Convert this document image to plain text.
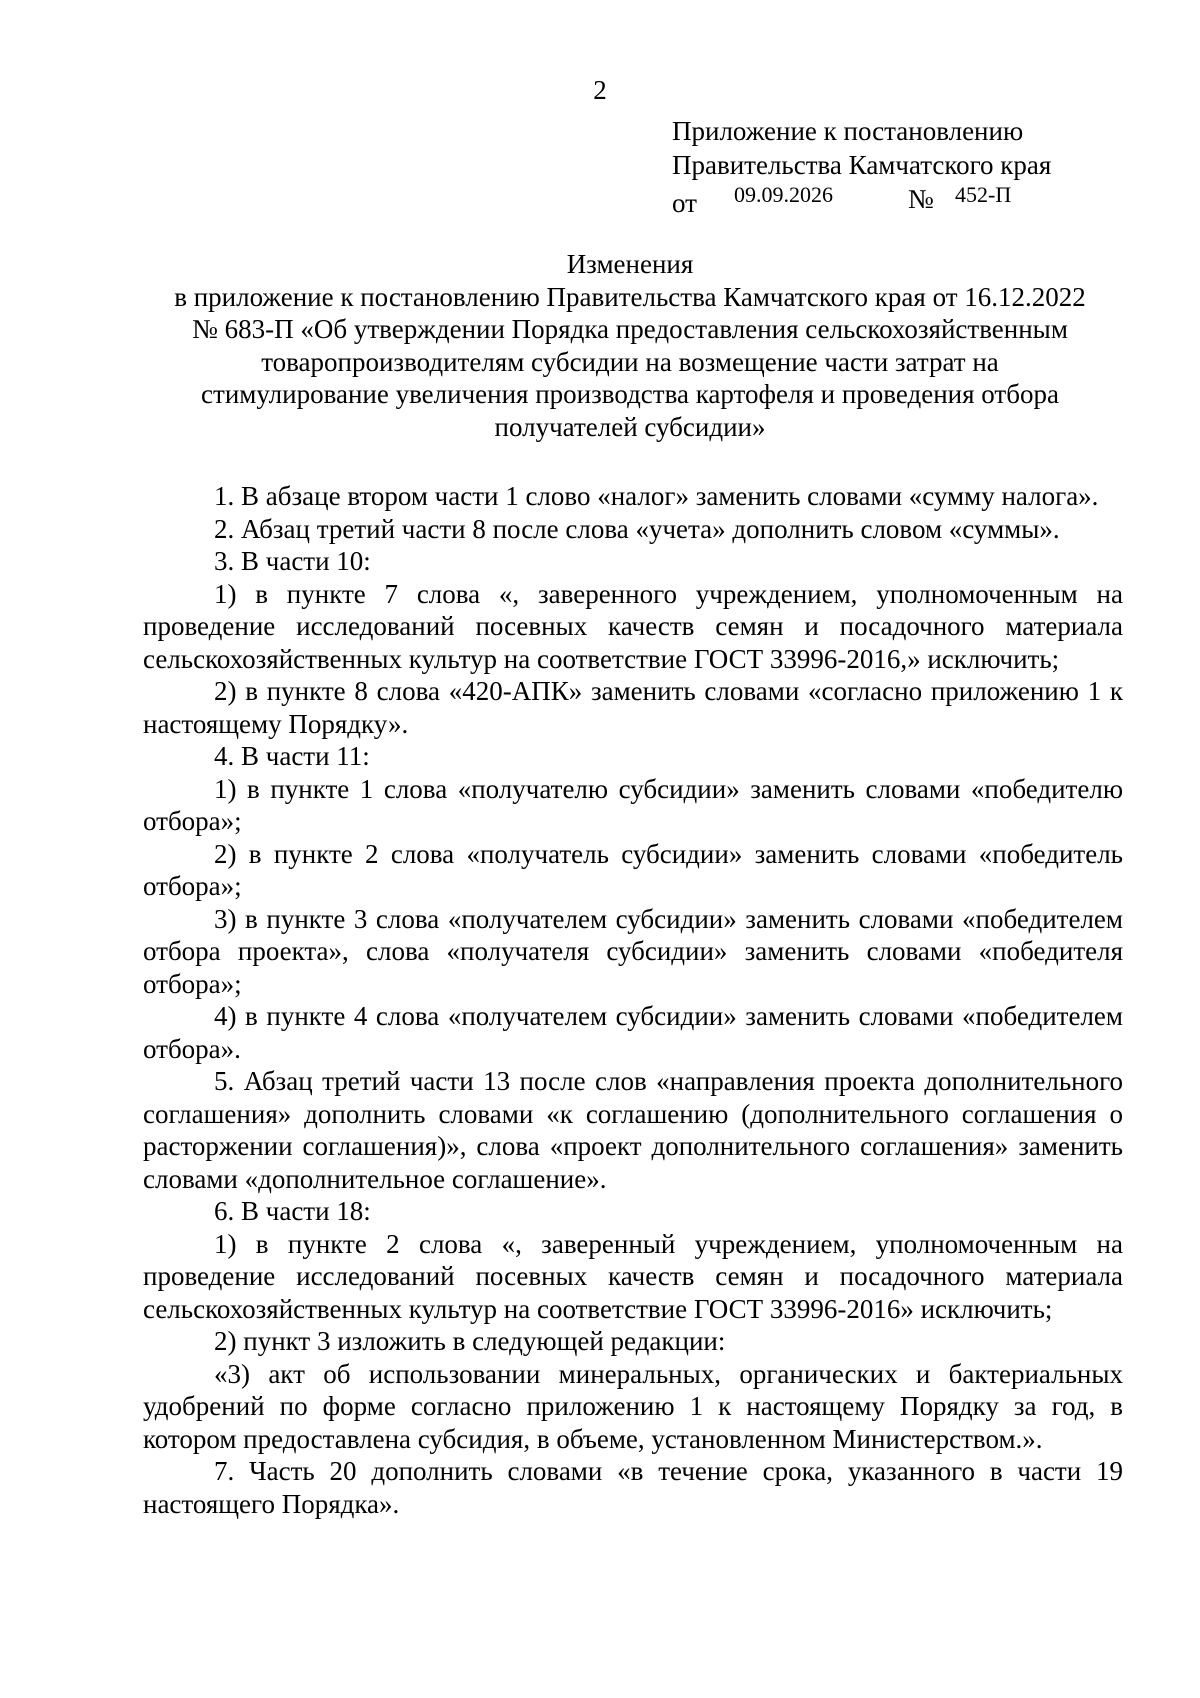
2
Приложение к постановлению
Правительства Камчатского края
от 09.09.2026	№ 452-П
Изменения
в приложение к постановлению Правительства Камчатского края от 16.12.2022
№ 683-П «Об утверждении Порядка предоставления сельскохозяйственным
товаропроизводителям субсидии на возмещение части затрат на
стимулирование увеличения производства картофеля и проведения отбора
получателей субсидии»

1. В абзаце втором части 1 слово «налог» заменить словами «сумму налога».

2. Абзац третий части 8 после слова «учета» дополнить словом «суммы».

3. В части 10:

1) в пункте 7 слова «, заверенного учреждением, уполномоченным на проведение исследований посевных качеств семян и посадочного материала сельскохозяйственных культур на соответствие ГОСТ 33996-2016,» исключить;

2) в пункте 8 слова «420-АПК» заменить словами «согласно приложению 1 к настоящему Порядку».

4. В части 11:

1) в пункте 1 слова «получателю субсидии» заменить словами «победителю отбора»;

2) в пункте 2 слова «получатель субсидии» заменить словами «победитель отбора»;

3) в пункте 3 слова «получателем субсидии» заменить словами «победителем отбора проекта», слова «получателя субсидии» заменить словами «победителя отбора»;

4) в пункте 4 слова «получателем субсидии» заменить словами «победителем отбора».

5. Абзац третий части 13 после слов «направления проекта дополнительного соглашения» дополнить словами «к соглашению (дополнительного соглашения о расторжении соглашения)», слова «проект дополнительного соглашения» заменить словами «дополнительное соглашение».

6. В части 18:

1) в пункте 2 слова «, заверенный учреждением, уполномоченным на проведение исследований посевных качеств семян и посадочного материала сельскохозяйственных культур на соответствие ГОСТ 33996-2016» исключить;

2) пункт 3 изложить в следующей редакции:

«3) акт об использовании минеральных, органических и бактериальных удобрений по форме согласно приложению 1 к настоящему Порядку за год, в котором предоставлена субсидия, в объеме, установленном Министерством.».

7. Часть 20 дополнить словами «в течение срока, указанного в части 19 настоящего Порядка».
